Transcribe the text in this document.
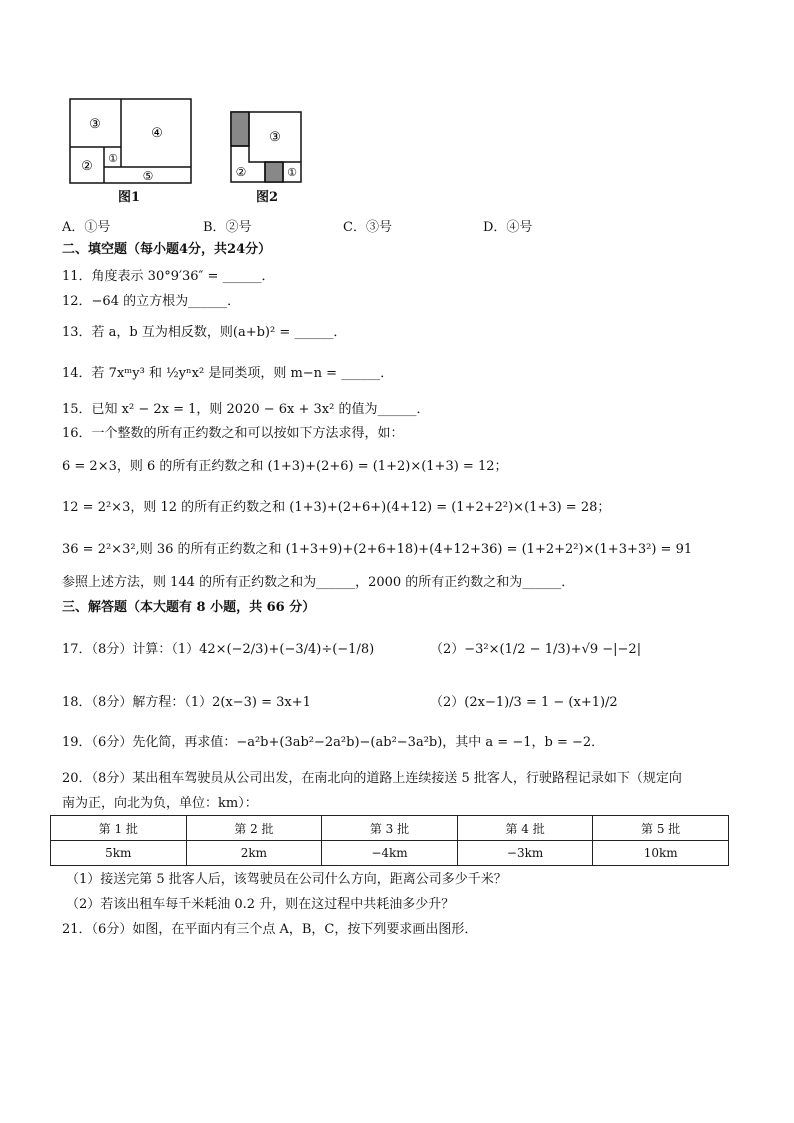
③
④
②
①
⑤
图1
③
②	①
图2
A．①号	B．②号	C．③号	D．④号
二、填空题（每小题4分，共24分）
11．角度表示 30°9′36″ = ______．
12．−64 的立方根为______．
13．若 a，b 互为相反数，则(a+b)² = ______．
14．若 7xᵐy³ 和 ½yⁿx² 是同类项，则 m−n = ______．
15．已知 x² − 2x = 1，则 2020 − 6x + 3x² 的值为______．
16．一个整数的所有正约数之和可以按如下方法求得，如：
6 = 2×3，则 6 的所有正约数之和 (1+3)+(2+6) = (1+2)×(1+3) = 12；
12 = 2²×3，则 12 的所有正约数之和 (1+3)+(2+6+)(4+12) = (1+2+2²)×(1+3) = 28；
36 = 2²×3²,则 36 的所有正约数之和 (1+3+9)+(2+6+18)+(4+12+36) = (1+2+2²)×(1+3+3²) = 91
参照上述方法，则 144 的所有正约数之和为______，2000 的所有正约数之和为______．
三、解答题（本大题有 8 小题，共 66 分）
17．（8分）计算：（1）42×(−2/3)+(−3/4)÷(−1/8)	（2）−3²×(1/2 − 1/3)+√9 −|−2|
18．（8分）解方程：（1）2(x−3) = 3x+1	（2）(2x−1)/3 = 1 − (x+1)/2
19．（6分）先化简，再求值：−a²b+(3ab²−2a²b)−(ab²−3a²b)，其中 a = −1，b = −2．
20．（8分）某出租车驾驶员从公司出发，在南北向的道路上连续接送 5 批客人，行驶路程记录如下（规定向
南为正，向北为负，单位：km）：
第 1 批	第 2 批	第 3 批	第 4 批	第 5 批
5km	2km	−4km	−3km	10km
（1）接送完第 5 批客人后，该驾驶员在公司什么方向，距离公司多少千米？
（2）若该出租车每千米耗油 0.2 升，则在这过程中共耗油多少升？
21．（6分）如图，在平面内有三个点 A，B，C，按下列要求画出图形．
